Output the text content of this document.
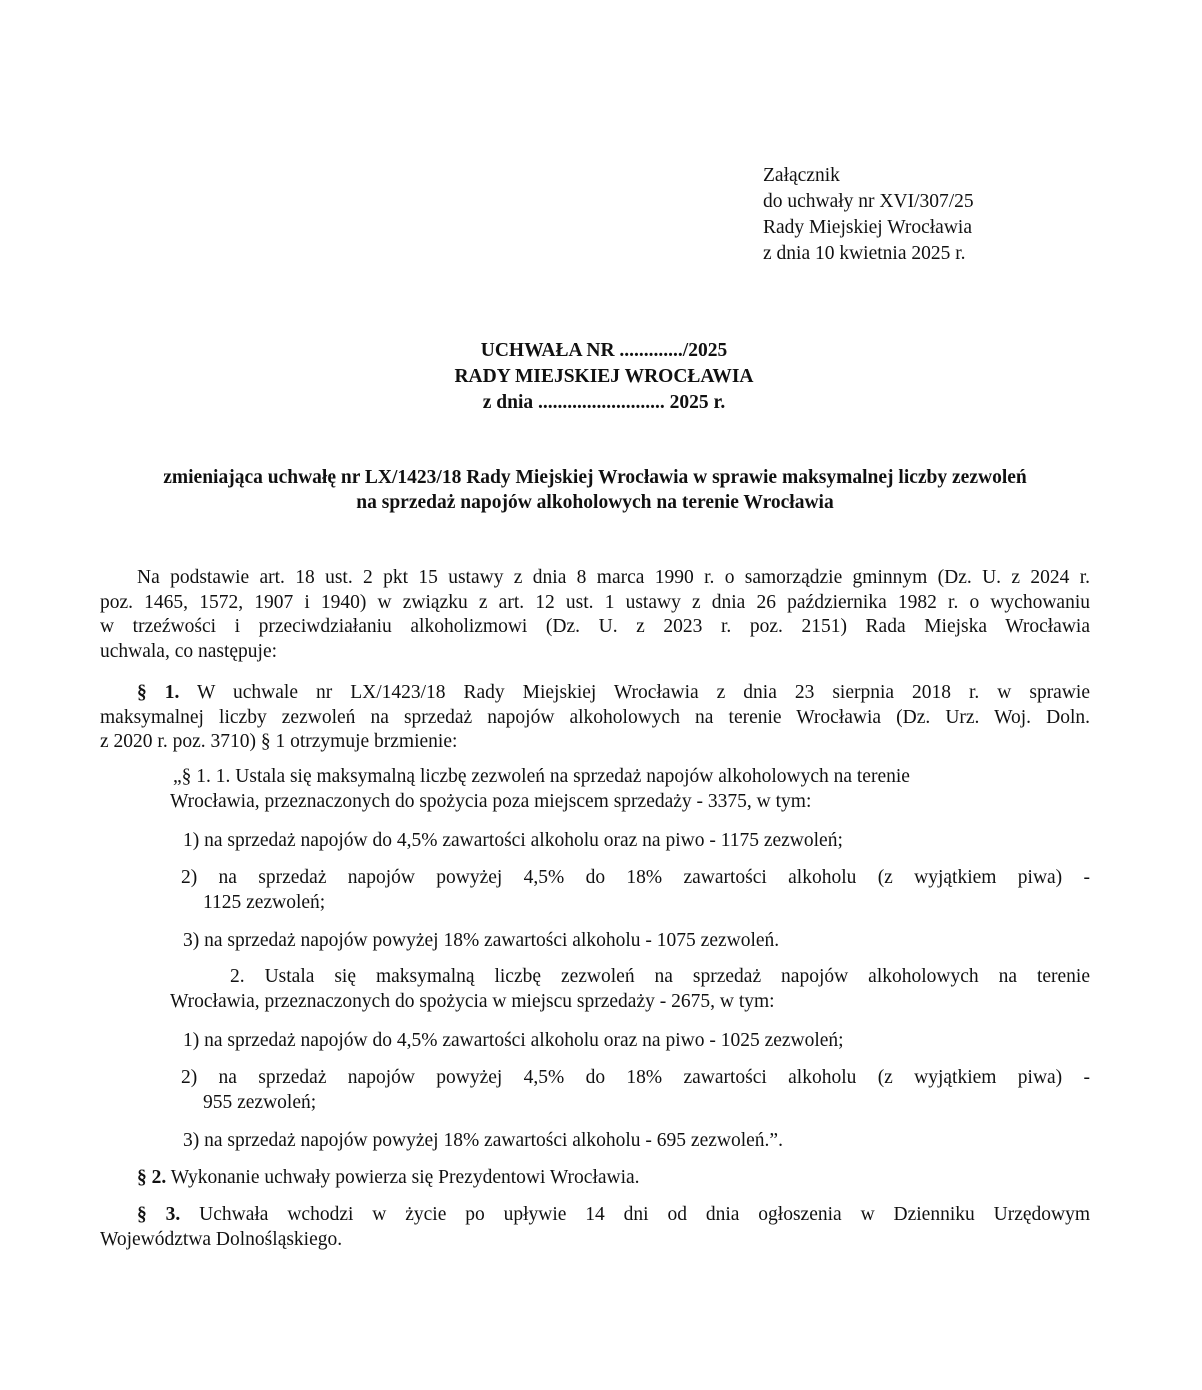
Załącznik
do uchwały nr XVI/307/25
Rady Miejskiej Wrocławia
z dnia 10 kwietnia 2025 r.
UCHWAŁA NR ............./2025
RADY MIEJSKIEJ WROCŁAWIA
z dnia .......................... 2025 r.
zmieniająca uchwałę nr LX/1423/18 Rady Miejskiej Wrocławia w sprawie maksymalnej liczby zezwoleń
na sprzedaż napojów alkoholowych na terenie Wrocławia
Na podstawie art. 18 ust. 2 pkt 15 ustawy z dnia 8 marca 1990 r. o samorządzie gminnym (Dz. U. z 2024 r.
poz. 1465, 1572, 1907 i 1940) w związku z art. 12 ust. 1 ustawy z dnia 26 października 1982 r. o wychowaniu
w trzeźwości i przeciwdziałaniu alkoholizmowi (Dz. U. z 2023 r. poz. 2151) Rada Miejska Wrocławia
uchwala, co następuje:
§ 1. W uchwale nr LX/1423/18 Rady Miejskiej Wrocławia z dnia 23 sierpnia 2018 r. w sprawie
maksymalnej liczby zezwoleń na sprzedaż napojów alkoholowych na terenie Wrocławia (Dz. Urz. Woj. Doln.
z 2020 r. poz. 3710) § 1 otrzymuje brzmienie:
„§ 1. 1. Ustala się maksymalną liczbę zezwoleń na sprzedaż napojów alkoholowych na terenie
Wrocławia, przeznaczonych do spożycia poza miejscem sprzedaży - 3375, w tym:
1) na sprzedaż napojów do 4,5% zawartości alkoholu oraz na piwo - 1175 zezwoleń;
2) na sprzedaż napojów powyżej 4,5% do 18% zawartości alkoholu (z wyjątkiem piwa) -
1125 zezwoleń;
3) na sprzedaż napojów powyżej 18% zawartości alkoholu - 1075 zezwoleń.
2. Ustala się maksymalną liczbę zezwoleń na sprzedaż napojów alkoholowych na terenie
Wrocławia, przeznaczonych do spożycia w miejscu sprzedaży - 2675, w tym:
1) na sprzedaż napojów do 4,5% zawartości alkoholu oraz na piwo - 1025 zezwoleń;
2) na sprzedaż napojów powyżej 4,5% do 18% zawartości alkoholu (z wyjątkiem piwa) -
955 zezwoleń;
3) na sprzedaż napojów powyżej 18% zawartości alkoholu - 695 zezwoleń.”.
§ 2. Wykonanie uchwały powierza się Prezydentowi Wrocławia.
§ 3. Uchwała wchodzi w życie po upływie 14 dni od dnia ogłoszenia w Dzienniku Urzędowym
Województwa Dolnośląskiego.
